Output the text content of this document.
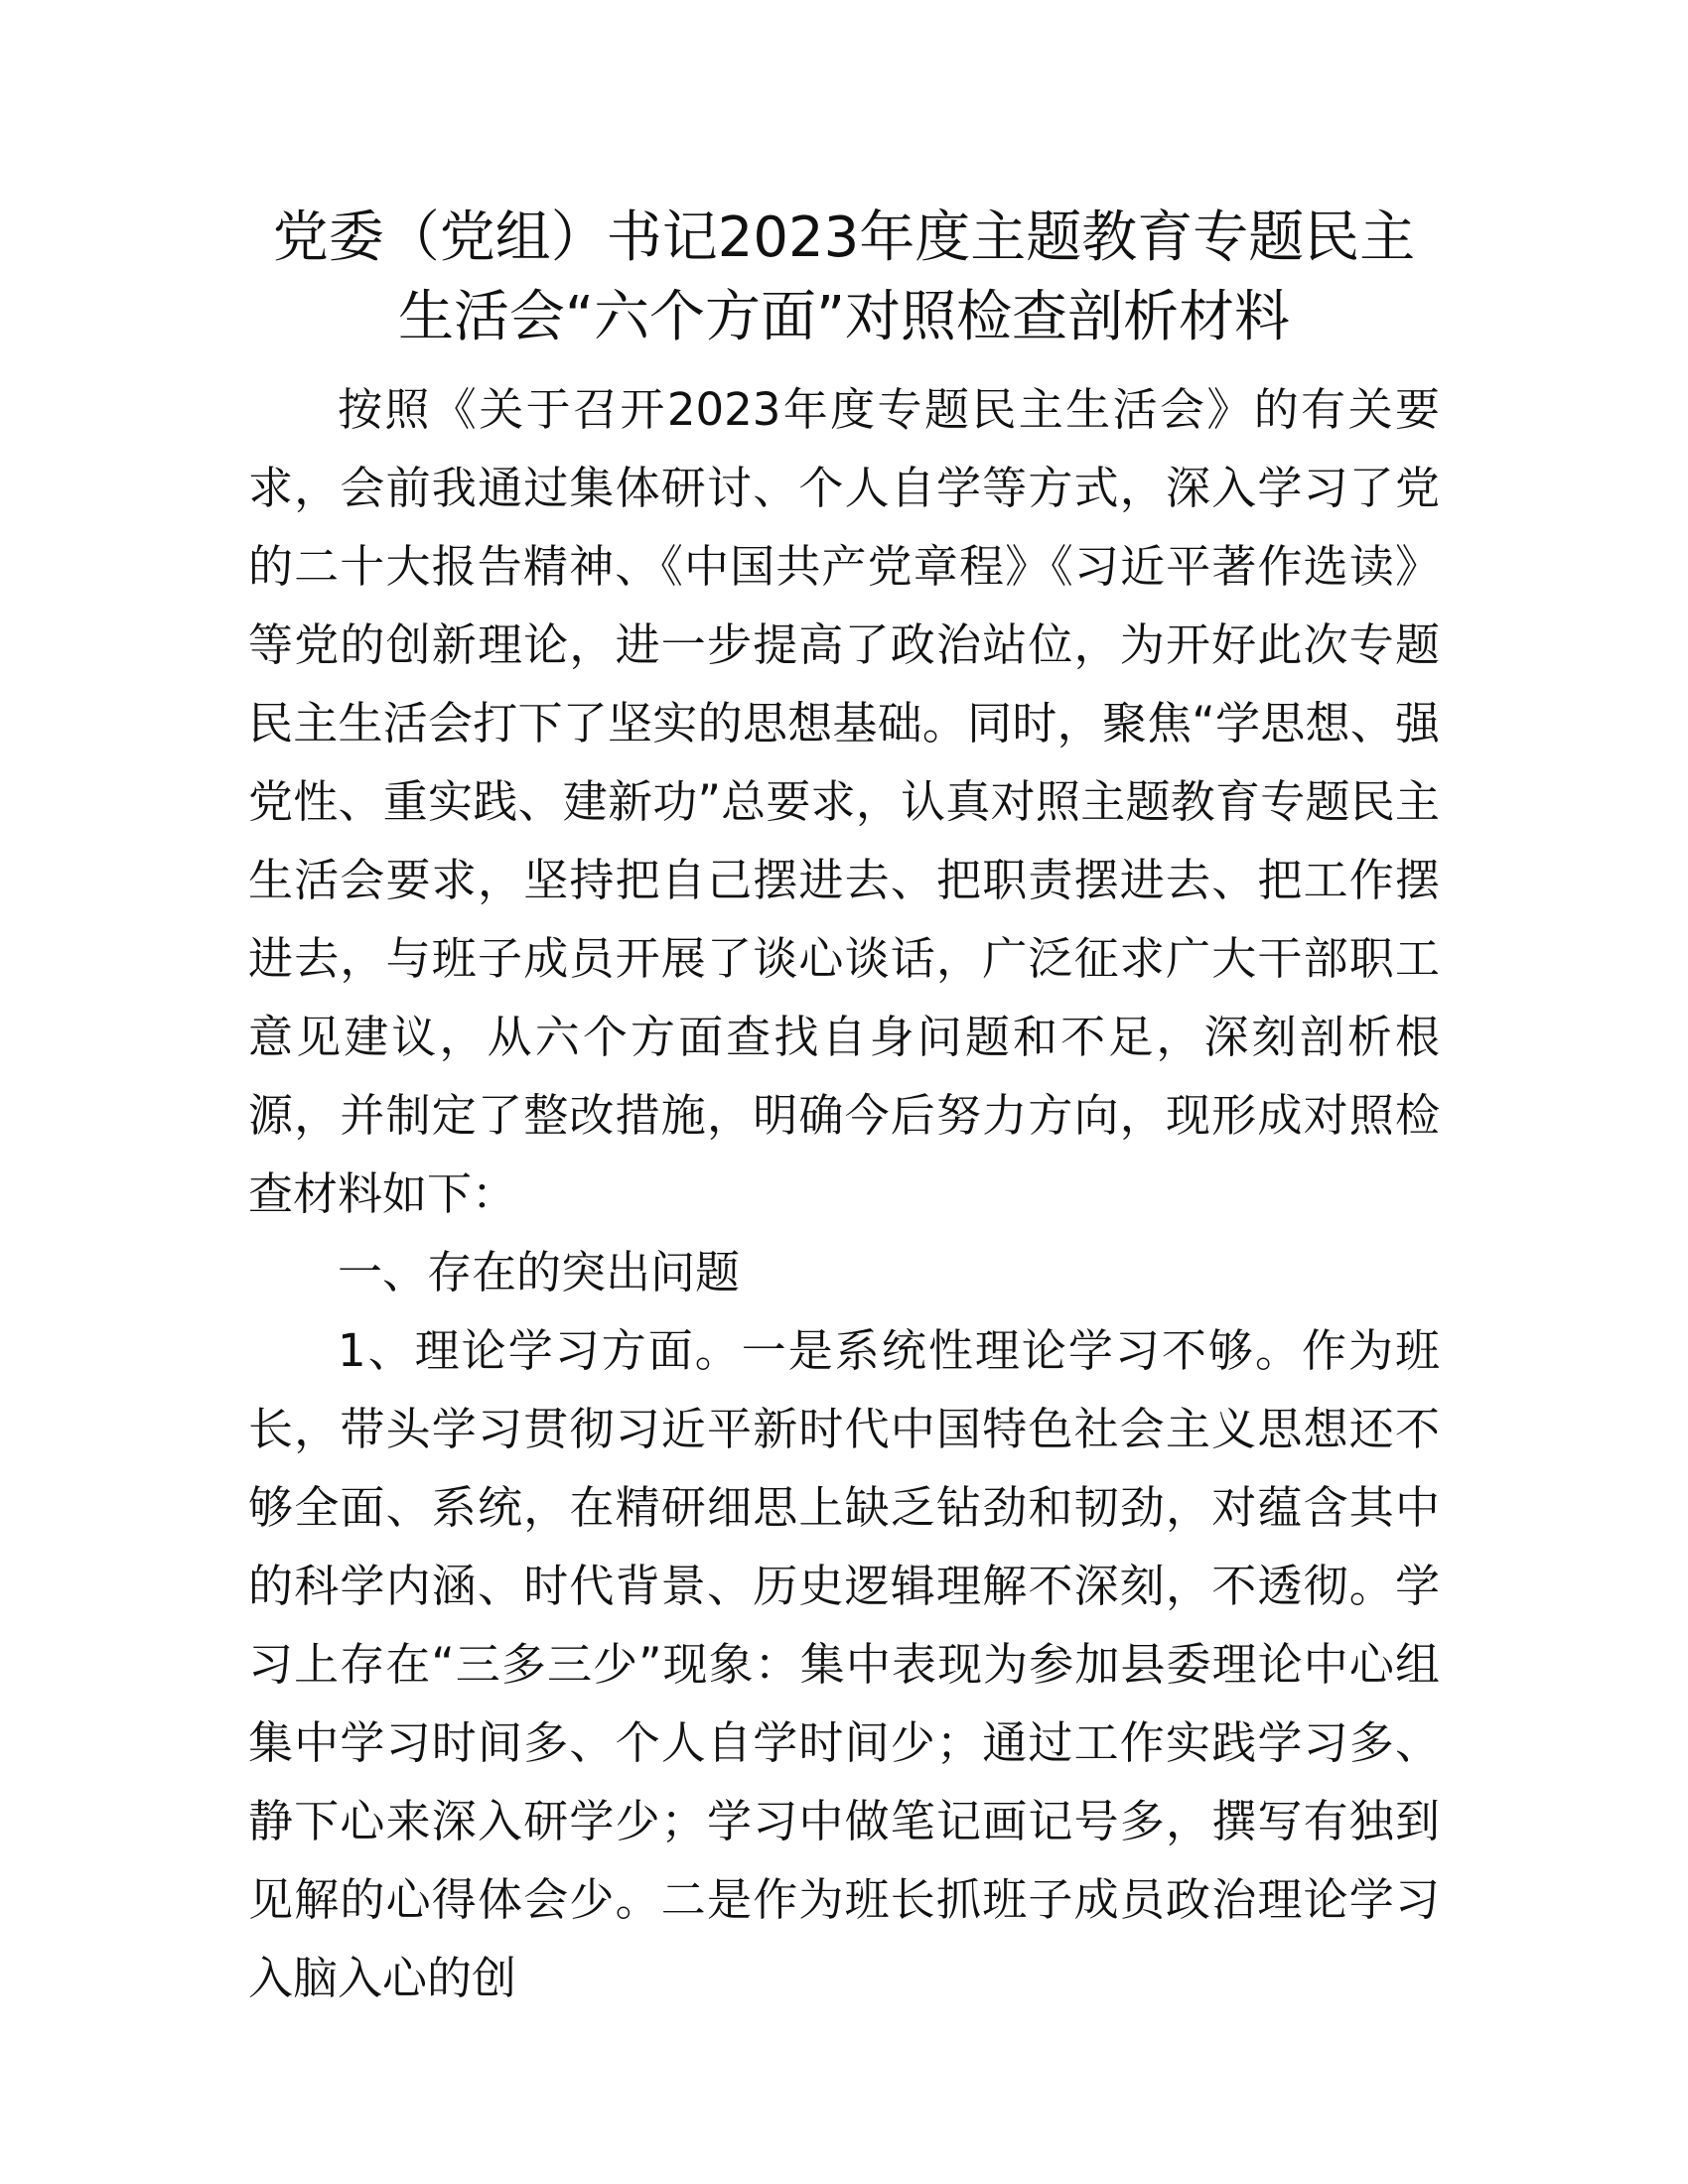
党委（党组）书记2023年度主题教育专题民主
生活会“六个方面”对照检查剖析材料

按照《关于召开2023年度专题民主生活会》的有关要求，会前我通过集体研讨、个人自学等方式，深入学习了党的二十大报告精神、《中国共产党章程》《习近平著作选读》等党的创新理论，进一步提高了政治站位，为开好此次专题民主生活会打下了坚实的思想基础。同时，聚焦“学思想、强党性、重实践、建新功”总要求，认真对照主题教育专题民主生活会要求，坚持把自己摆进去、把职责摆进去、把工作摆进去，与班子成员开展了谈心谈话，广泛征求广大干部职工意见建议，从六个方面查找自身问题和不足，深刻剖析根源，并制定了整改措施，明确今后努力方向，现形成对照检查材料如下：

一、存在的突出问题

1、理论学习方面。一是系统性理论学习不够。作为班长，带头学习贯彻习近平新时代中国特色社会主义思想还不够全面、系统，在精研细思上缺乏钻劲和韧劲，对蕴含其中的科学内涵、时代背景、历史逻辑理解不深刻，不透彻。学习上存在“三多三少”现象：集中表现为参加县委理论中心组集中学习时间多、个人自学时间少；通过工作实践学习多、静下心来深入研学少；学习中做笔记画记号多，撰写有独到见解的心得体会少。二是作为班长抓班子成员政治理论学习入脑入心的创
